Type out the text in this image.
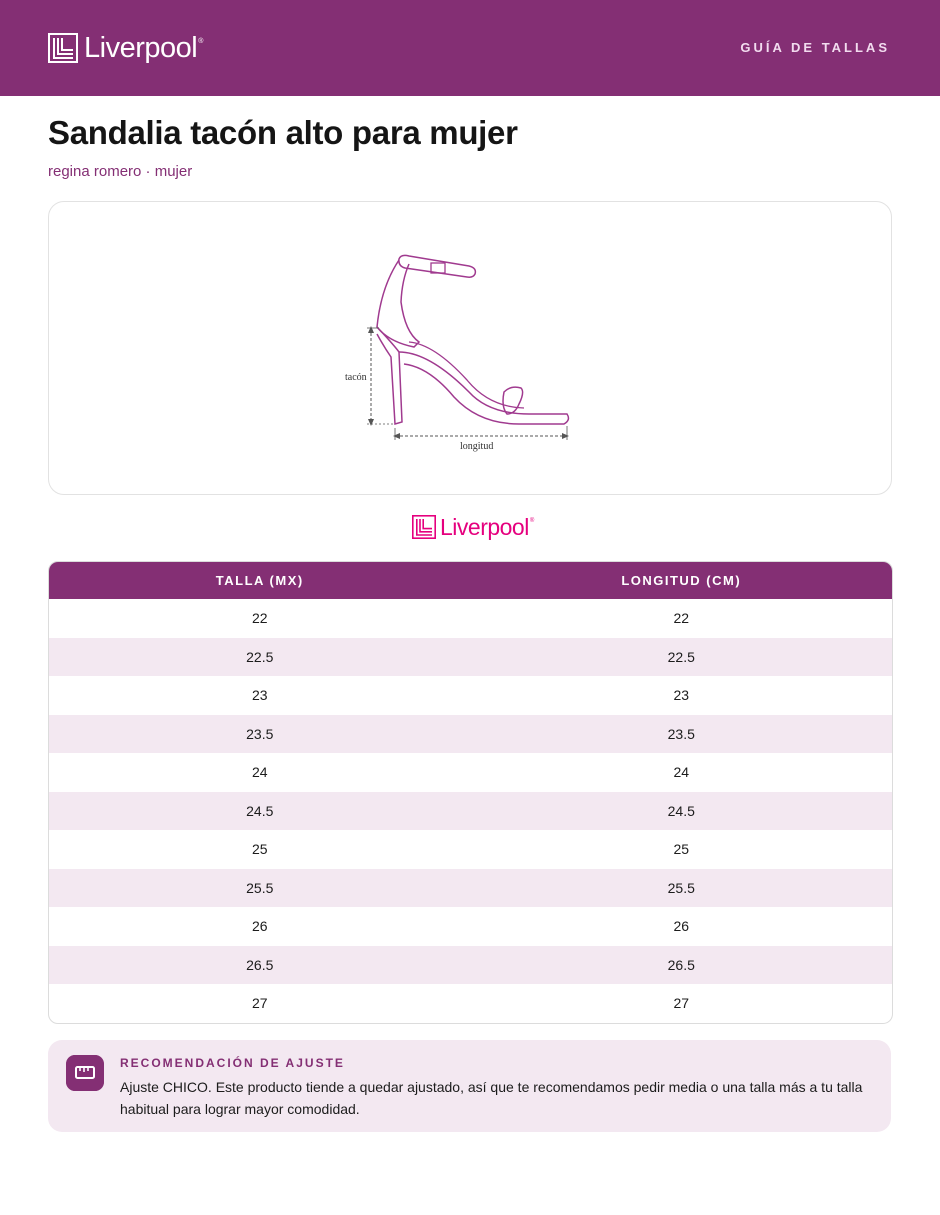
Liverpool ®	GUÍA DE TALLAS
Sandalia tacón alto para mujer
regina romero · mujer
tacón
longitud
Liverpool ®
TALLA (MX)	LONGITUD (CM)
22	22
22.5	22.5
23	23
23.5	23.5
24	24
24.5	24.5
25	25
25.5	25.5
26	26
26.5	26.5
27	27
RECOMENDACIÓN DE AJUSTE
Ajuste CHICO. Este producto tiende a quedar ajustado, así que te recomendamos pedir media o una talla más a tu talla habitual para lograr mayor comodidad.
